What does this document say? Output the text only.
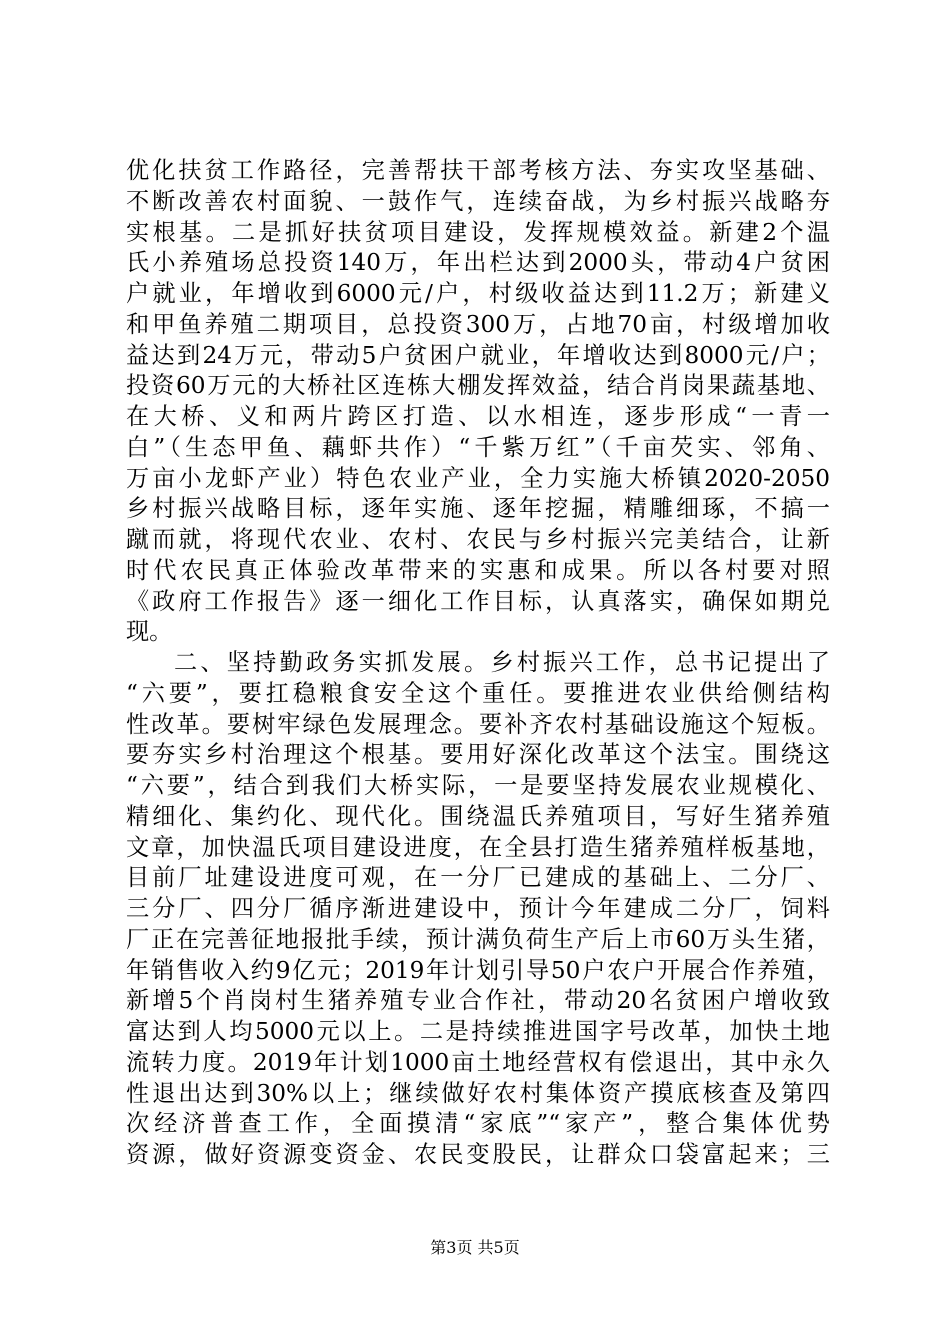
优化扶贫工作路径，完善帮扶干部考核方法、夯实攻坚基础、
不断改善农村面貌、一鼓作气，连续奋战，为乡村振兴战略夯
实根基。二是抓好扶贫项目建设，发挥规模效益。新建2个温
氏小养殖场总投资140万，年出栏达到2000头，带动4户贫困
户就业，年增收到6000元/户，村级收益达到11.2万；新建义
和甲鱼养殖二期项目，总投资300万，占地70亩，村级增加收
益达到24万元，带动5户贫困户就业，年增收达到8000元/户；
投资60万元的大桥社区连栋大棚发挥效益，结合肖岗果蔬基地、
在大桥、义和两片跨区打造、以水相连，逐步形成“一青一
白”（生态甲鱼、藕虾共作）“千紫万红”（千亩芡实、邻角、
万亩小龙虾产业）特色农业产业，全力实施大桥镇2020-2050
乡村振兴战略目标，逐年实施、逐年挖掘，精雕细琢，不搞一
蹴而就，将现代农业、农村、农民与乡村振兴完美结合，让新
时代农民真正体验改革带来的实惠和成果。所以各村要对照
《政府工作报告》逐一细化工作目标，认真落实，确保如期兑
现。
二、坚持勤政务实抓发展。乡村振兴工作，总书记提出了
“六要”，要扛稳粮食安全这个重任。要推进农业供给侧结构
性改革。要树牢绿色发展理念。要补齐农村基础设施这个短板。
要夯实乡村治理这个根基。要用好深化改革这个法宝。围绕这
“六要”，结合到我们大桥实际，一是要坚持发展农业规模化、
精细化、集约化、现代化。围绕温氏养殖项目，写好生猪养殖
文章，加快温氏项目建设进度，在全县打造生猪养殖样板基地，
目前厂址建设进度可观，在一分厂已建成的基础上、二分厂、
三分厂、四分厂循序渐进建设中，预计今年建成二分厂，饲料
厂正在完善征地报批手续，预计满负荷生产后上市60万头生猪，
年销售收入约9亿元；2019年计划引导50户农户开展合作养殖，
新增5个肖岗村生猪养殖专业合作社，带动20名贫困户增收致
富达到人均5000元以上。二是持续推进国字号改革，加快土地
流转力度。2019年计划1000亩土地经营权有偿退出，其中永久
性退出达到30%以上；继续做好农村集体资产摸底核查及第四
次经济普查工作，全面摸清“家底”“家产”，整合集体优势
资源，做好资源变资金、农民变股民，让群众口袋富起来；三
第3页 共5页
